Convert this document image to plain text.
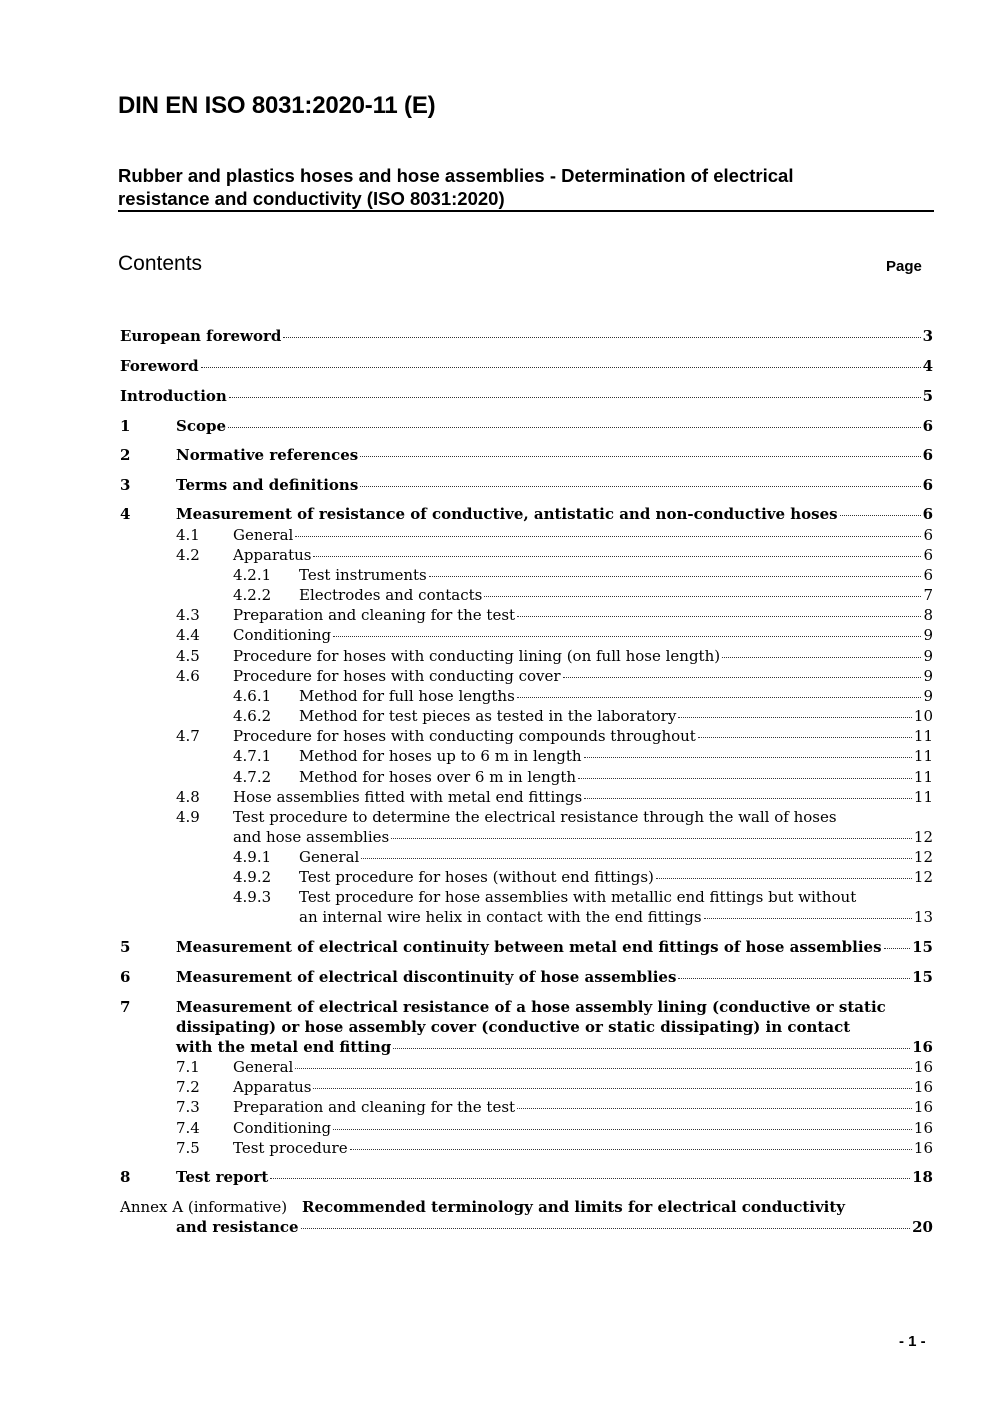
DIN EN ISO 8031:2020-11 (E)
Rubber and plastics hoses and hose assemblies - Determination of electrical
resistance and conductivity (ISO 8031:2020)
Contents	Page
European foreword	3
Foreword	4
Introduction	5
1	Scope	6
2	Normative references	6
3	Terms and definitions	6
4	Measurement of resistance of conductive, antistatic and non-conductive hoses	6
4.1 General	6
4.2 Apparatus	6
4.2.1 Test instruments	6
4.2.2 Electrodes and contacts	7
4.3 Preparation and cleaning for the test	8
4.4 Conditioning	9
4.5 Procedure for hoses with conducting lining (on full hose length)	9
4.6 Procedure for hoses with conducting cover	9
4.6.1 Method for full hose lengths	9
4.6.2 Method for test pieces as tested in the laboratory	10
4.7 Procedure for hoses with conducting compounds throughout	11
4.7.1 Method for hoses up to 6 m in length	11
4.7.2 Method for hoses over 6 m in length	11
4.8 Hose assemblies fitted with metal end fittings	11
4.9 Test procedure to determine the electrical resistance through the wall of hoses
and hose assemblies	12
4.9.1 General	12
4.9.2 Test procedure for hoses (without end fittings)	12
4.9.3 Test procedure for hose assemblies with metallic end fittings but without
an internal wire helix in contact with the end fittings	13
5	Measurement of electrical continuity between metal end fittings of hose assemblies 15
6	Measurement of electrical discontinuity of hose assemblies	15
7	Measurement of electrical resistance of a hose assembly lining (conductive or static
dissipating) or hose assembly cover (conductive or static dissipating) in contact
with the metal end fitting	16
7.1 General	16
7.2 Apparatus	16
7.3 Preparation and cleaning for the test	16
7.4 Conditioning	16
7.5 Test procedure	16
8	Test report	18
Annex A (informative) Recommended terminology and limits for electrical conductivity
and resistance	20
- 1 -
